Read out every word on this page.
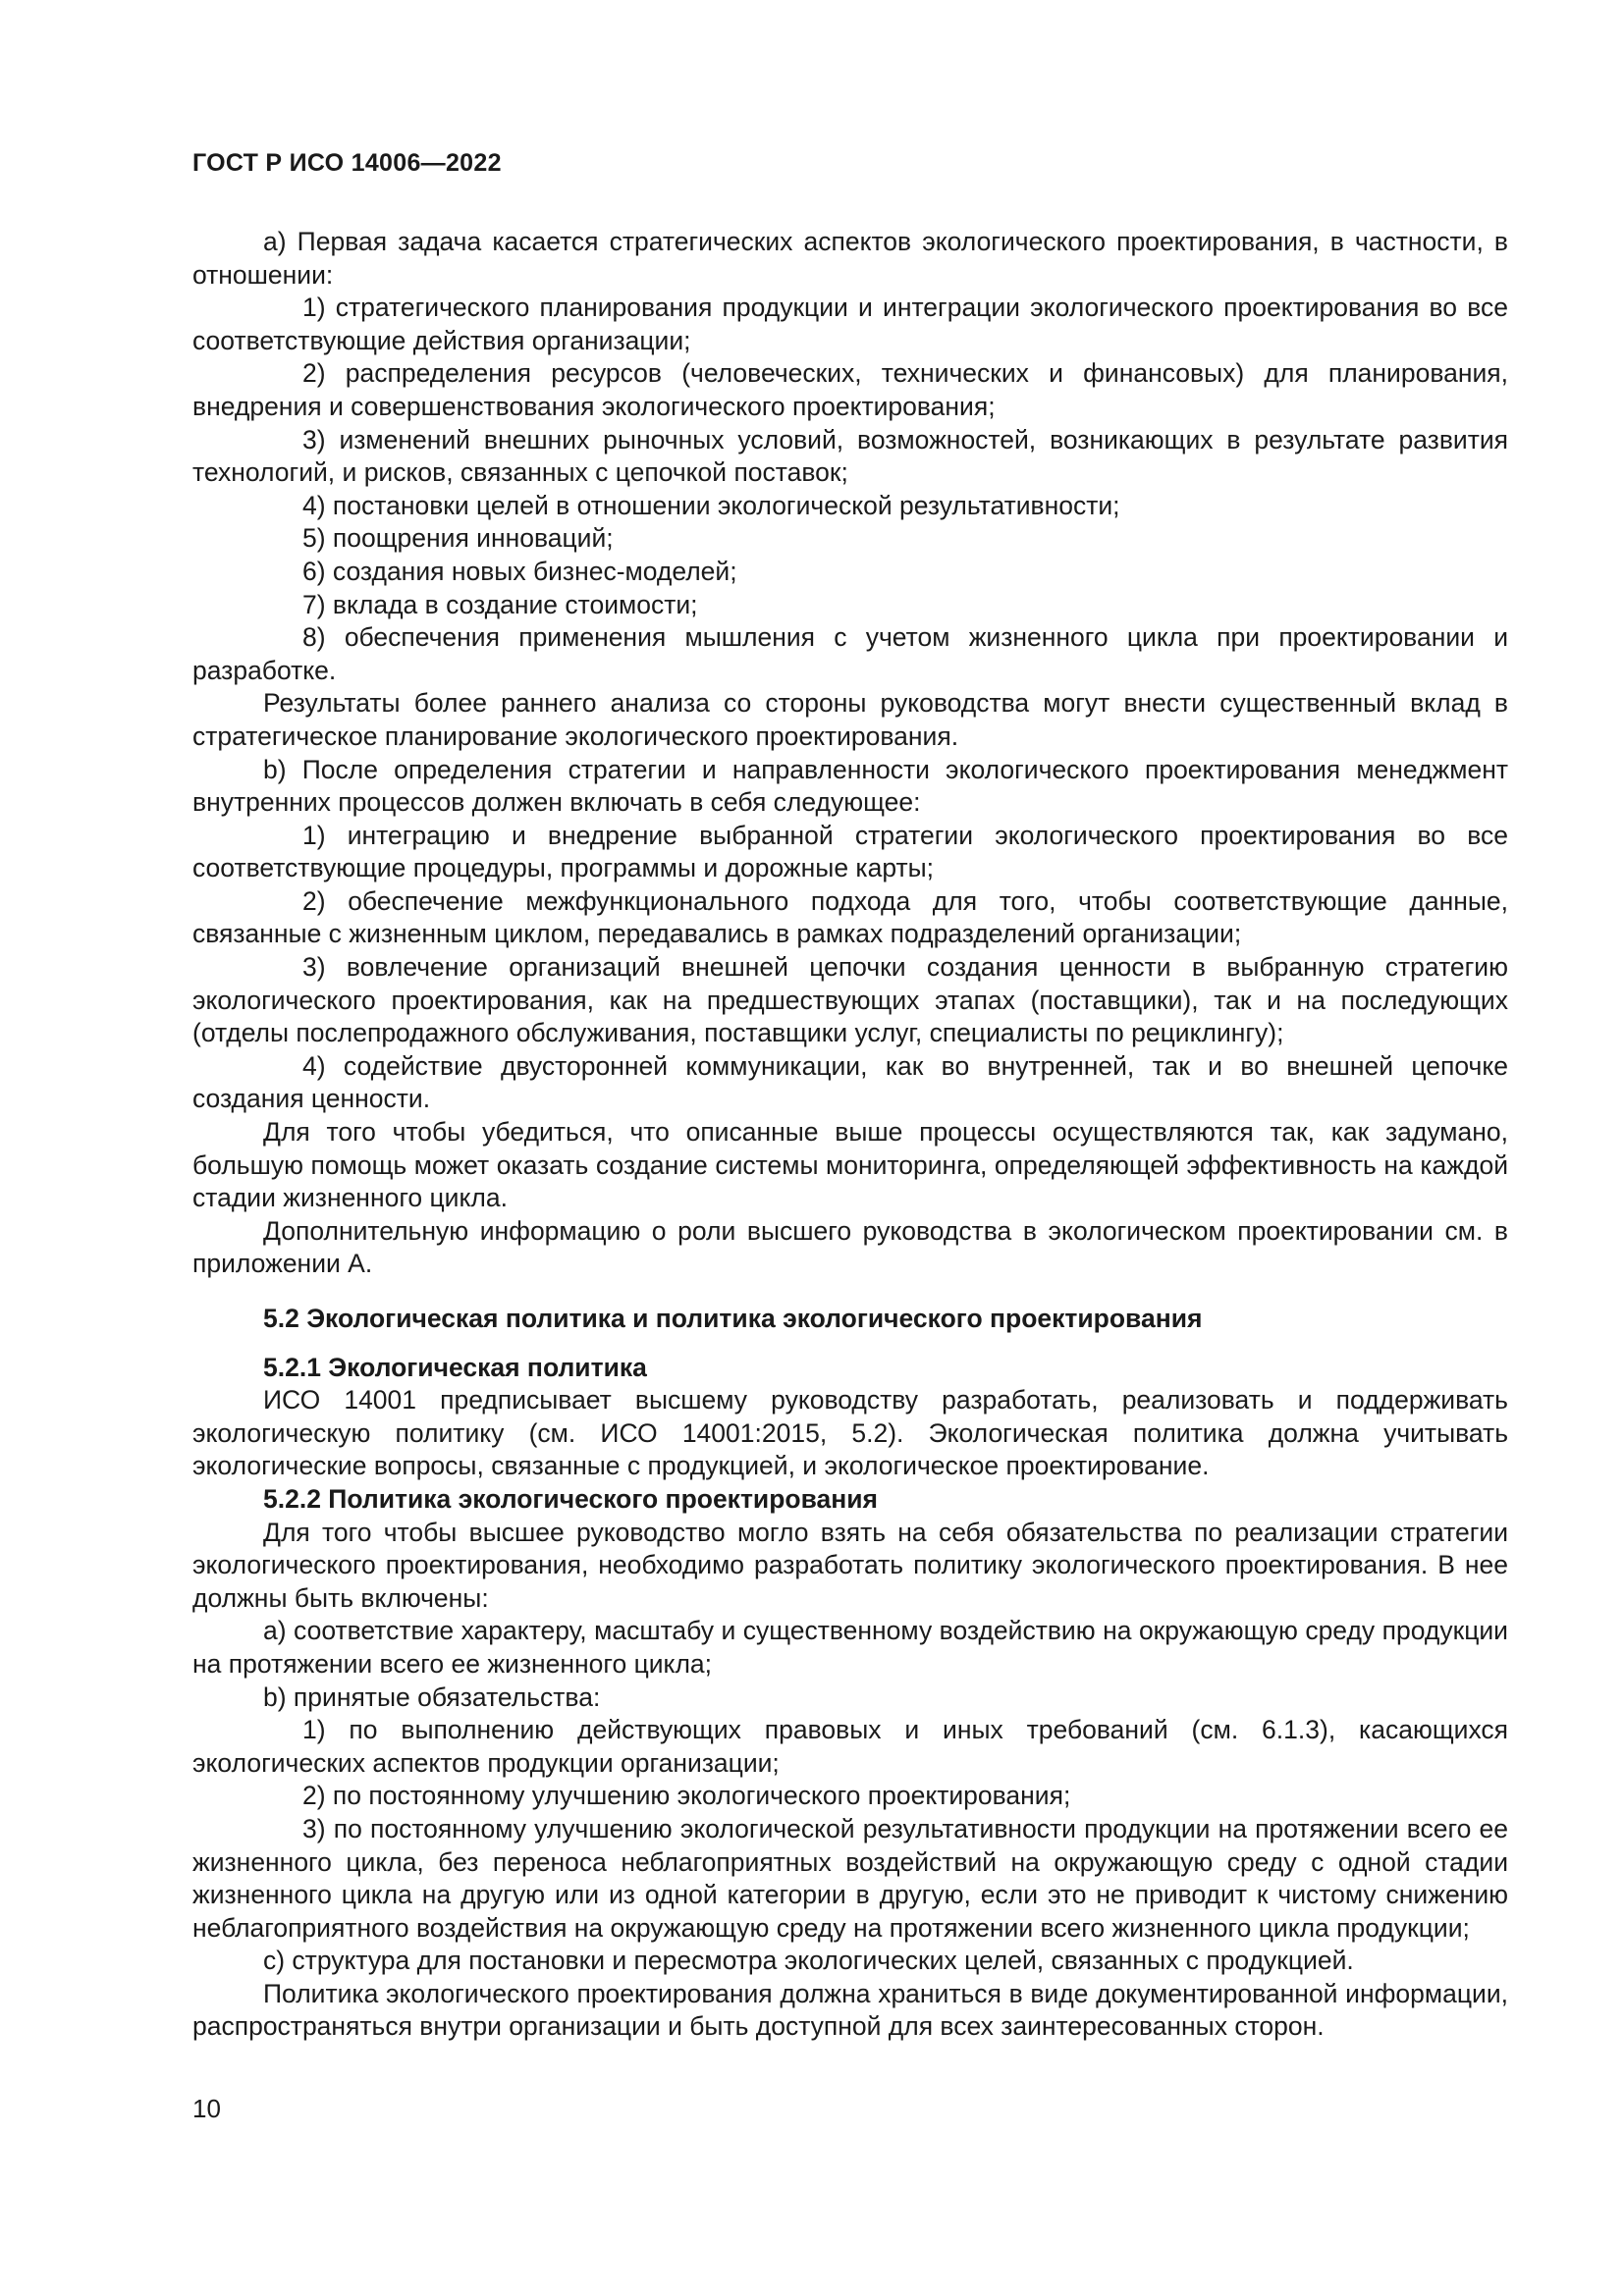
ГОСТ Р ИСО 14006—2022

a) Первая задача касается стратегических аспектов экологического проектирования, в частности, в отношении:

1) стратегического планирования продукции и интеграции экологического проектирования во все соответствующие действия организации;

2) распределения ресурсов (человеческих, технических и финансовых) для планирования, внедрения и совершенствования экологического проектирования;

3) изменений внешних рыночных условий, возможностей, возникающих в результате развития технологий, и рисков, связанных с цепочкой поставок;

4) постановки целей в отношении экологической результативности;

5) поощрения инноваций;

6) создания новых бизнес-моделей;

7) вклада в создание стоимости;

8) обеспечения применения мышления с учетом жизненного цикла при проектировании и разработке.

Результаты более раннего анализа со стороны руководства могут внести существенный вклад в стратегическое планирование экологического проектирования.

b) После определения стратегии и направленности экологического проектирования менеджмент внутренних процессов должен включать в себя следующее:

1) интеграцию и внедрение выбранной стратегии экологического проектирования во все соответствующие процедуры, программы и дорожные карты;

2) обеспечение межфункционального подхода для того, чтобы соответствующие данные, связанные с жизненным циклом, передавались в рамках подразделений организации;

3) вовлечение организаций внешней цепочки создания ценности в выбранную стратегию экологического проектирования, как на предшествующих этапах (поставщики), так и на последующих (отделы послепродажного обслуживания, поставщики услуг, специалисты по рециклингу);

4) содействие двусторонней коммуникации, как во внутренней, так и во внешней цепочке создания ценности.

Для того чтобы убедиться, что описанные выше процессы осуществляются так, как задумано, большую помощь может оказать создание системы мониторинга, определяющей эффективность на каждой стадии жизненного цикла.

Дополнительную информацию о роли высшего руководства в экологическом проектировании см. в приложении А.

5.2 Экологическая политика и политика экологического проектирования

5.2.1 Экологическая политика

ИСО 14001 предписывает высшему руководству разработать, реализовать и поддерживать экологическую политику (см. ИСО 14001:2015, 5.2). Экологическая политика должна учитывать экологические вопросы, связанные с продукцией, и экологическое проектирование.

5.2.2 Политика экологического проектирования

Для того чтобы высшее руководство могло взять на себя обязательства по реализации стратегии экологического проектирования, необходимо разработать политику экологического проектирования. В нее должны быть включены:

a) соответствие характеру, масштабу и существенному воздействию на окружающую среду продукции на протяжении всего ее жизненного цикла;

b) принятые обязательства:

1) по выполнению действующих правовых и иных требований (см. 6.1.3), касающихся экологических аспектов продукции организации;

2) по постоянному улучшению экологического проектирования;

3) по постоянному улучшению экологической результативности продукции на протяжении всего ее жизненного цикла, без переноса неблагоприятных воздействий на окружающую среду с одной стадии жизненного цикла на другую или из одной категории в другую, если это не приводит к чистому снижению неблагоприятного воздействия на окружающую среду на протяжении всего жизненного цикла продукции;

c) структура для постановки и пересмотра экологических целей, связанных с продукцией.

Политика экологического проектирования должна храниться в виде документированной информации, распространяться внутри организации и быть доступной для всех заинтересованных сторон.

10
